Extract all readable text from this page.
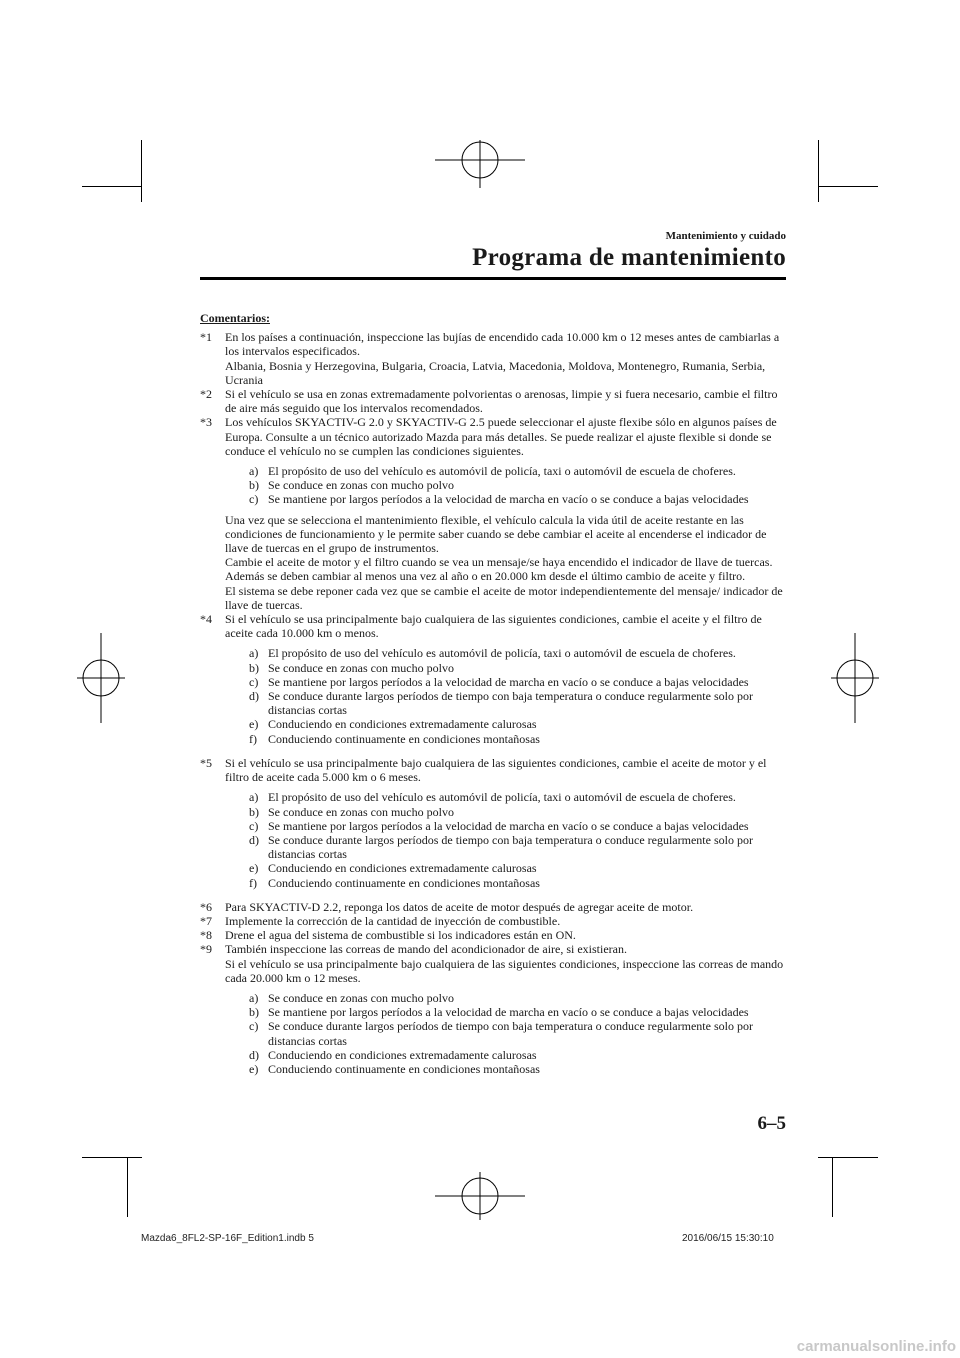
Mantenimiento y cuidado
Programa de mantenimiento
Comentarios:
*1 En los países a continuación, inspeccione las bujías de encendido cada 10.000 km o 12 meses antes de cambiarlas a los intervalos especificados.
Albania, Bosnia y Herzegovina, Bulgaria, Croacia, Latvia, Macedonia, Moldova, Montenegro, Rumania, Serbia, Ucrania
*2 Si el vehículo se usa en zonas extremadamente polvorientas o arenosas, limpie y si fuera necesario, cambie el filtro de aire más seguido que los intervalos recomendados.
*3 Los vehículos SKYACTIV-G 2.0 y SKYACTIV-G 2.5 puede seleccionar el ajuste flexibe sólo en algunos países de Europa. Consulte a un técnico autorizado Mazda para más detalles. Se puede realizar el ajuste flexible si donde se conduce el vehículo no se cumplen las condiciones siguientes.
a) El propósito de uso del vehículo es automóvil de policía, taxi o automóvil de escuela de choferes.
b) Se conduce en zonas con mucho polvo
c) Se mantiene por largos períodos a la velocidad de marcha en vacío o se conduce a bajas velocidades
Una vez que se selecciona el mantenimiento flexible, el vehículo calcula la vida útil de aceite restante en las condiciones de funcionamiento y le permite saber cuando se debe cambiar el aceite al encenderse el indicador de llave de tuercas en el grupo de instrumentos.
Cambie el aceite de motor y el filtro cuando se vea un mensaje/se haya encendido el indicador de llave de tuercas. Además se deben cambiar al menos una vez al año o en 20.000 km desde el último cambio de aceite y filtro.
El sistema se debe reponer cada vez que se cambie el aceite de motor independientemente del mensaje/ indicador de llave de tuercas.
*4 Si el vehículo se usa principalmente bajo cualquiera de las siguientes condiciones, cambie el aceite y el filtro de aceite cada 10.000 km o menos.
a) El propósito de uso del vehículo es automóvil de policía, taxi o automóvil de escuela de choferes.
b) Se conduce en zonas con mucho polvo
c) Se mantiene por largos períodos a la velocidad de marcha en vacío o se conduce a bajas velocidades
d) Se conduce durante largos períodos de tiempo con baja temperatura o conduce regularmente solo por distancias cortas
e) Conduciendo en condiciones extremadamente calurosas
f) Conduciendo continuamente en condiciones montañosas
*5 Si el vehículo se usa principalmente bajo cualquiera de las siguientes condiciones, cambie el aceite de motor y el filtro de aceite cada 5.000 km o 6 meses.
a) El propósito de uso del vehículo es automóvil de policía, taxi o automóvil de escuela de choferes.
b) Se conduce en zonas con mucho polvo
c) Se mantiene por largos períodos a la velocidad de marcha en vacío o se conduce a bajas velocidades
d) Se conduce durante largos períodos de tiempo con baja temperatura o conduce regularmente solo por distancias cortas
e) Conduciendo en condiciones extremadamente calurosas
f) Conduciendo continuamente en condiciones montañosas
*6 Para SKYACTIV-D 2.2, reponga los datos de aceite de motor después de agregar aceite de motor.
*7 Implemente la corrección de la cantidad de inyección de combustible.
*8 Drene el agua del sistema de combustible si los indicadores están en ON.
*9 También inspeccione las correas de mando del acondicionador de aire, si existieran.
Si el vehículo se usa principalmente bajo cualquiera de las siguientes condiciones, inspeccione las correas de mando cada 20.000 km o 12 meses.
a) Se conduce en zonas con mucho polvo
b) Se mantiene por largos períodos a la velocidad de marcha en vacío o se conduce a bajas velocidades
c) Se conduce durante largos períodos de tiempo con baja temperatura o conduce regularmente solo por distancias cortas
d) Conduciendo en condiciones extremadamente calurosas
e) Conduciendo continuamente en condiciones montañosas
6–5
Mazda6_8FL2-SP-16F_Edition1.indb 5	2016/06/15 15:30:10
carmanualsonline.info
